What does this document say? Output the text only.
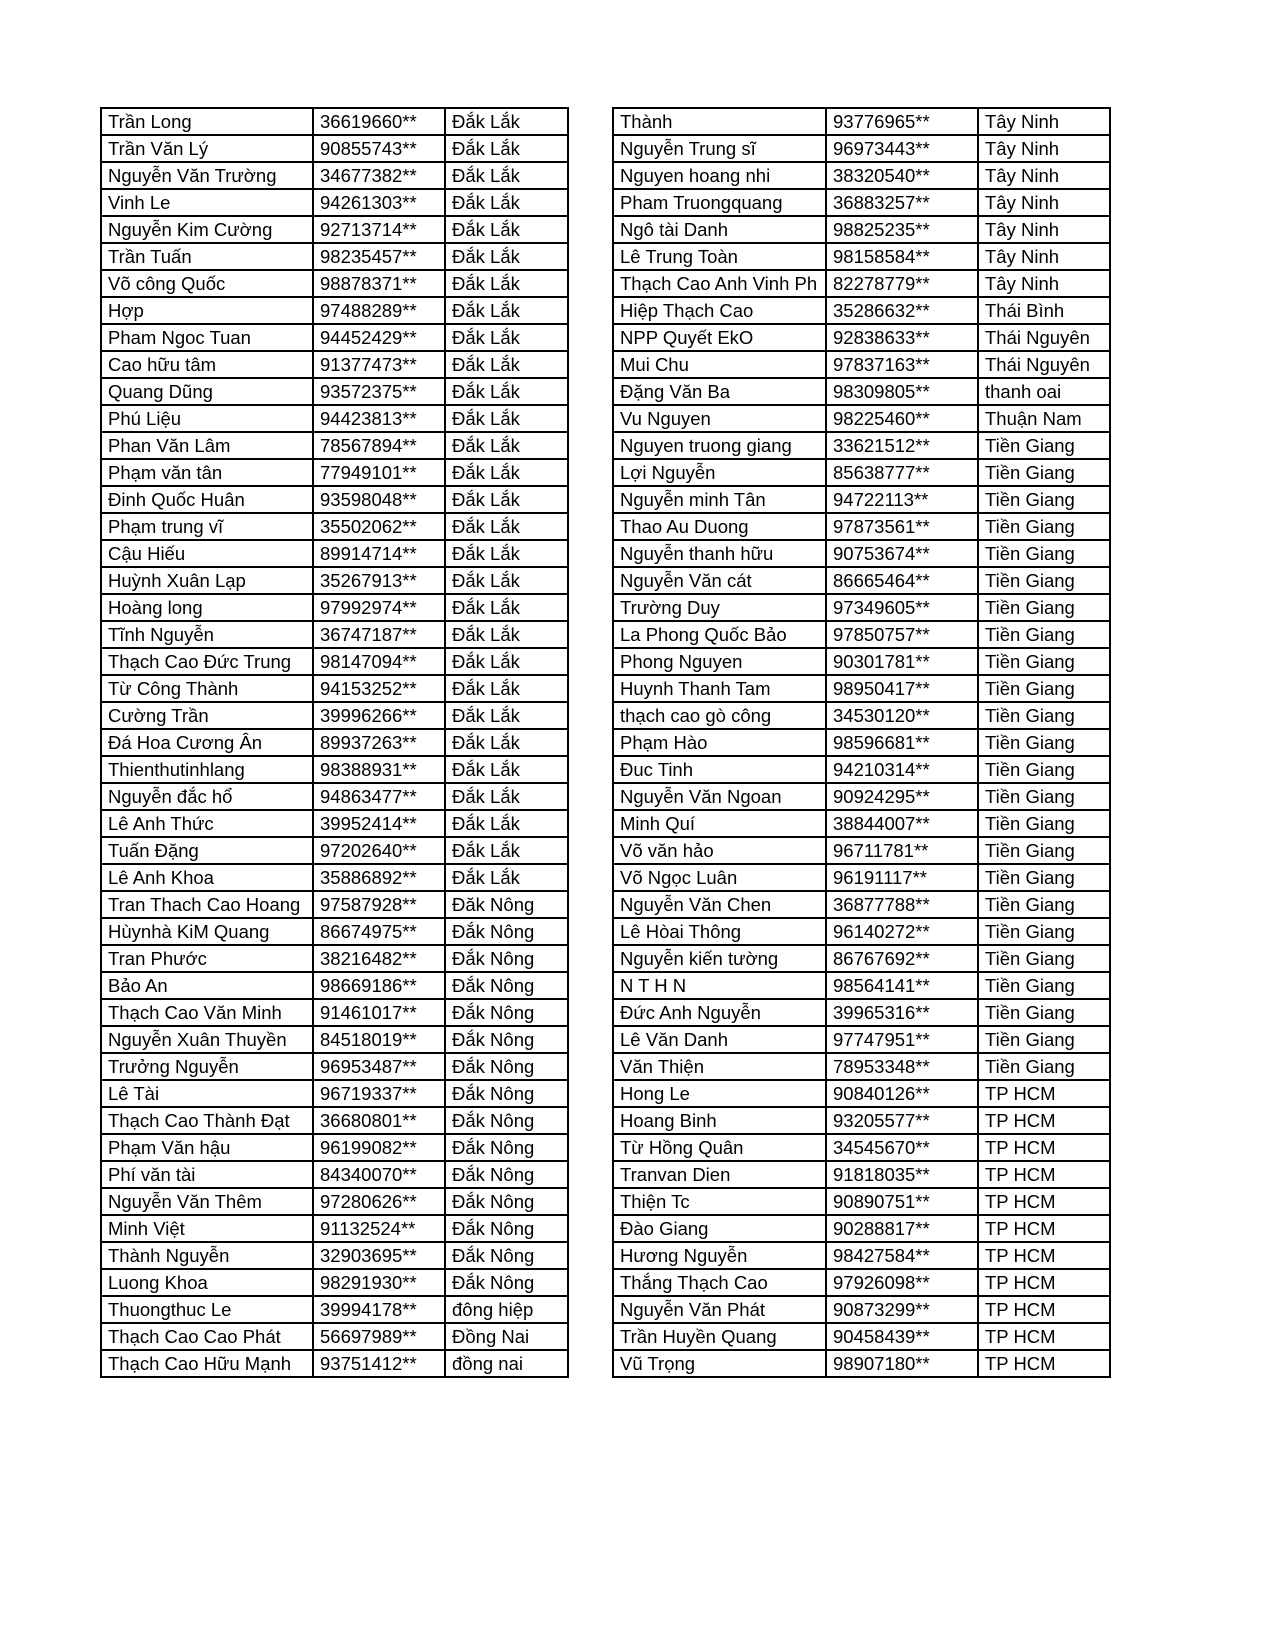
Trần Long	36619660**	Đắk Lắk
Trần Văn Lý	90855743**	Đắk Lắk
Nguyễn Văn Trường	34677382**	Đắk Lắk
Vinh Le	94261303**	Đắk Lắk
Nguyễn Kim Cường	92713714**	Đắk Lắk
Trần Tuấn	98235457**	Đắk Lắk
Võ công Quốc	98878371**	Đắk Lắk
Hợp	97488289**	Đắk Lắk
Pham Ngoc Tuan	94452429**	Đắk Lắk
Cao hữu tâm	91377473**	Đắk Lắk
Quang Dũng	93572375**	Đắk Lắk
Phú Liệu	94423813**	Đắk Lắk
Phan Văn Lâm	78567894**	Đắk Lắk
Phạm văn tân	77949101**	Đắk Lắk
Đinh Quốc Huân	93598048**	Đắk Lắk
Phạm trung vĩ	35502062**	Đắk Lắk
Cậu Hiếu	89914714**	Đắk Lắk
Huỳnh Xuân Lạp	35267913**	Đắk Lắk
Hoàng long	97992974**	Đắk Lắk
Tĩnh Nguyễn	36747187**	Đắk Lắk
Thạch Cao Đức Trung	98147094**	Đắk Lắk
Từ Công Thành	94153252**	Đắk Lắk
Cường Trần	39996266**	Đắk Lắk
Đá Hoa Cương Ân	89937263**	Đắk Lắk
Thienthutinhlang	98388931**	Đắk Lắk
Nguyễn đắc hổ	94863477**	Đắk Lắk
Lê Anh Thức	39952414**	Đắk Lắk
Tuấn Đặng	97202640**	Đắk Lắk
Lê Anh Khoa	35886892**	Đắk Lắk
Tran Thach Cao Hoang	97587928**	Đăk Nông
Hùynhà KiM Quang	86674975**	Đắk Nông
Tran Phước	38216482**	Đắk Nông
Bảo An	98669186**	Đắk Nông
Thạch Cao Văn Minh	91461017**	Đắk Nông
Nguyễn Xuân Thuyền	84518019**	Đắk Nông
Trưởng Nguyễn	96953487**	Đắk Nông
Lê Tài	96719337**	Đắk Nông
Thạch Cao Thành Đạt	36680801**	Đắk Nông
Phạm Văn hậu	96199082**	Đắk Nông
Phí văn tài	84340070**	Đắk Nông
Nguyễn Văn Thêm	97280626**	Đắk Nông
Minh Việt	91132524**	Đắk Nông
Thành Nguyễn	32903695**	Đắk Nông
Luong Khoa	98291930**	Đắk Nông
Thuongthuc Le	39994178**	đông hiệp
Thạch Cao Cao Phát	56697989**	Đồng Nai
Thạch Cao Hữu Mạnh	93751412**	đồng nai
Thành	93776965**	Tây Ninh
Nguyễn Trung sĩ	96973443**	Tây Ninh
Nguyen hoang nhi	38320540**	Tây Ninh
Pham Truongquang	36883257**	Tây Ninh
Ngô tài Danh	98825235**	Tây Ninh
Lê Trung Toàn	98158584**	Tây Ninh
Thạch Cao Anh Vinh Ph	82278779**	Tây Ninh
Hiệp Thạch Cao	35286632**	Thái Bình
NPP Quyết EkO	92838633**	Thái Nguyên
Mui Chu	97837163**	Thái Nguyên
Đặng Văn Ba	98309805**	thanh oai
Vu Nguyen	98225460**	Thuận Nam
Nguyen truong giang	33621512**	Tiền Giang
Lợi Nguyễn	85638777**	Tiền Giang
Nguyễn minh Tân	94722113**	Tiền Giang
Thao Au Duong	97873561**	Tiền Giang
Nguyễn thanh hữu	90753674**	Tiền Giang
Nguyễn Văn cát	86665464**	Tiền Giang
Trường Duy	97349605**	Tiền Giang
La Phong Quốc Bảo	97850757**	Tiền Giang
Phong Nguyen	90301781**	Tiền Giang
Huynh Thanh Tam	98950417**	Tiền Giang
thạch cao gò công	34530120**	Tiền Giang
Phạm Hào	98596681**	Tiền Giang
Đuc Tinh	94210314**	Tiền Giang
Nguyễn Văn Ngoan	90924295**	Tiền Giang
Minh Quí	38844007**	Tiền Giang
Võ văn hảo	96711781**	Tiền Giang
Võ Ngọc Luân	96191117**	Tiền Giang
Nguyễn Văn Chen	36877788**	Tiền Giang
Lê Hòai Thông	96140272**	Tiền Giang
Nguyễn kiến tường	86767692**	Tiền Giang
N T H N	98564141**	Tiền Giang
Đức Anh Nguyễn	39965316**	Tiền Giang
Lê Văn Danh	97747951**	Tiền Giang
Văn Thiện	78953348**	Tiền Giang
Hong Le	90840126**	TP HCM
Hoang Binh	93205577**	TP HCM
Từ Hồng Quân	34545670**	TP HCM
Tranvan Dien	91818035**	TP HCM
Thiện Tc	90890751**	TP HCM
Đào Giang	90288817**	TP HCM
Hương Nguyễn	98427584**	TP HCM
Thắng Thạch Cao	97926098**	TP HCM
Nguyễn Văn Phát	90873299**	TP HCM
Trần Huyền Quang	90458439**	TP HCM
Vũ Trọng	98907180**	TP HCM
